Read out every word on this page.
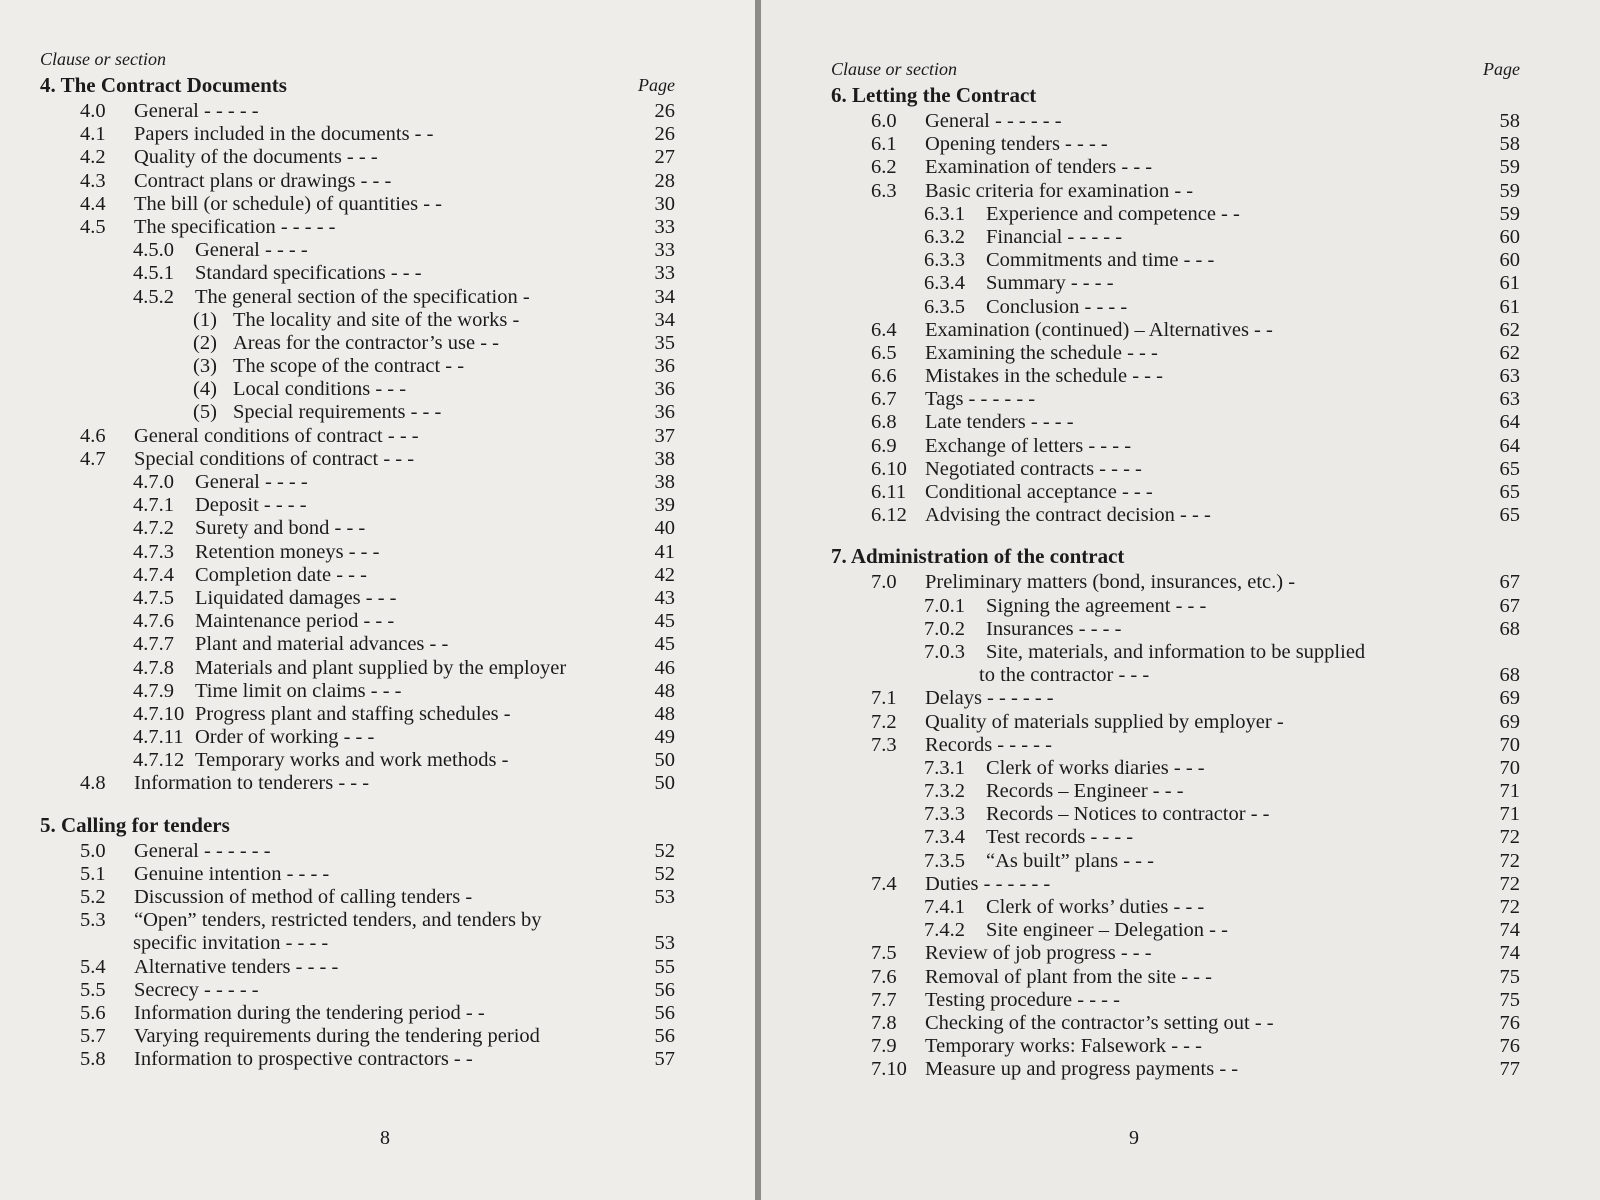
Clause or section
4. The Contract Documents	Page
4.0	General - - - - -	26
4.1	Papers included in the documents - -	26
4.2	Quality of the documents - - -	27
4.3	Contract plans or drawings - - -	28
4.4	The bill (or schedule) of quantities - -	30
4.5	The specification - - - - -	33
4.5.0	General - - - -	33
4.5.1	Standard specifications - - -	33
4.5.2	The general section of the specification -	34
(1) The locality and site of the works -	34
(2) Areas for the contractor’s use - -	35
(3) The scope of the contract - -	36
(4) Local conditions - - -	36
(5) Special requirements - - -	36
4.6	General conditions of contract - - -	37
4.7	Special conditions of contract - - -	38
4.7.0	General - - - -	38
4.7.1	Deposit - - - -	39
4.7.2	Surety and bond - - -	40
4.7.3	Retention moneys - - -	41
4.7.4	Completion date - - -	42
4.7.5	Liquidated damages - - -	43
4.7.6	Maintenance period - - -	45
4.7.7	Plant and material advances - -	45
4.7.8	Materials and plant supplied by the employer	46
4.7.9	Time limit on claims - - -	48
4.7.10 Progress plant and staffing schedules -	48
4.7.11 Order of working - - -	49
4.7.12 Temporary works and work methods -	50
4.8	Information to tenderers - - -	50
5. Calling for tenders
5.0	General - - - - - -	52
5.1	Genuine intention - - - -	52
5.2	Discussion of method of calling tenders -	53
5.3	“Open” tenders, restricted tenders, and tenders by
specific invitation - - - -	53
5.4	Alternative tenders - - - -	55
5.5	Secrecy - - - - -	56
5.6	Information during the tendering period - -	56
5.7	Varying requirements during the tendering period	56
5.8	Information to prospective contractors - -	57
8
Clause or section	Page
6. Letting the Contract
6.0	General - - - - - -	58
6.1	Opening tenders - - - -	58
6.2	Examination of tenders - - -	59
6.3	Basic criteria for examination - -	59
6.3.1	Experience and competence - -	59
6.3.2	Financial - - - - -	60
6.3.3	Commitments and time - - -	60
6.3.4	Summary - - - -	61
6.3.5	Conclusion - - - -	61
6.4	Examination (continued) – Alternatives - -	62
6.5	Examining the schedule - - -	62
6.6	Mistakes in the schedule - - -	63
6.7	Tags - - - - - -	63
6.8	Late tenders - - - -	64
6.9	Exchange of letters - - - -	64
6.10 Negotiated contracts - - - -	65
6.11 Conditional acceptance - - -	65
6.12 Advising the contract decision - - -	65
7. Administration of the contract
7.0	Preliminary matters (bond, insurances, etc.) -	67
7.0.1	Signing the agreement - - -	67
7.0.2	Insurances - - - -	68
7.0.3	Site, materials, and information to be supplied
to the contractor - - -	68
7.1	Delays - - - - - -	69
7.2	Quality of materials supplied by employer -	69
7.3	Records - - - - -	70
7.3.1	Clerk of works diaries - - -	70
7.3.2	Records – Engineer - - -	71
7.3.3	Records – Notices to contractor - -	71
7.3.4	Test records - - - -	72
7.3.5	“As built” plans - - -	72
7.4	Duties - - - - - -	72
7.4.1	Clerk of works’ duties - - -	72
7.4.2	Site engineer – Delegation - -	74
7.5	Review of job progress - - -	74
7.6	Removal of plant from the site - - -	75
7.7	Testing procedure - - - -	75
7.8	Checking of the contractor’s setting out - -	76
7.9	Temporary works: Falsework - - -	76
7.10 Measure up and progress payments - -	77
9
